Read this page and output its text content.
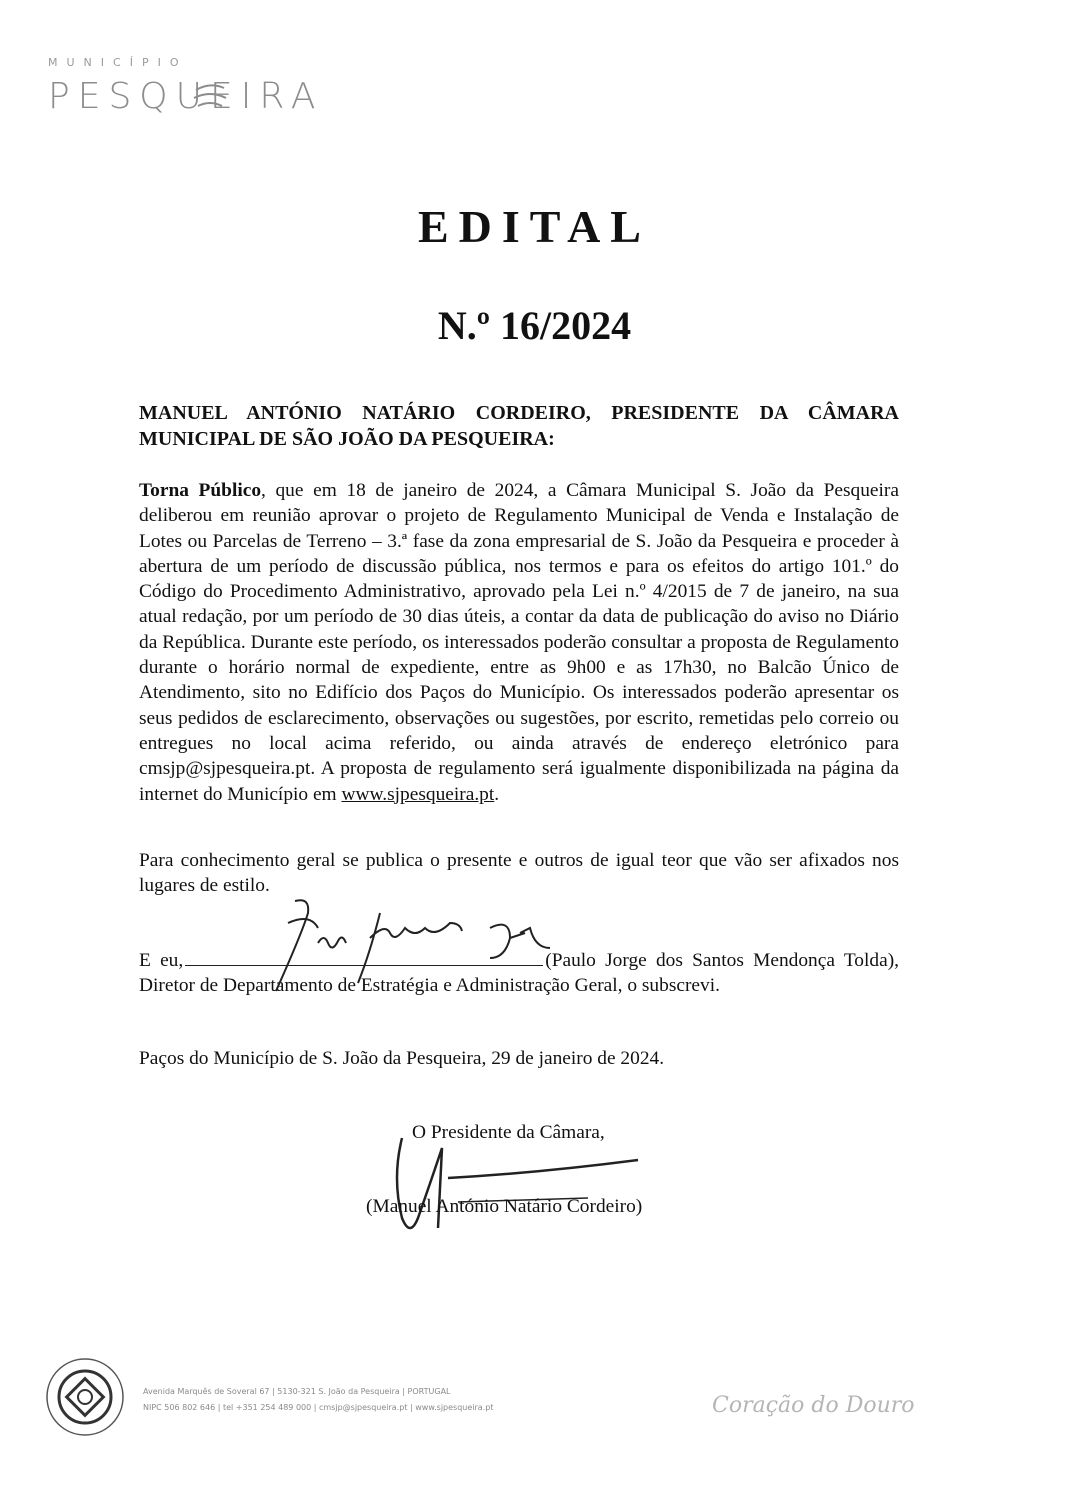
MUNICÍPIO
PESQUEIRA
EDITAL
N.º 16/2024
MANUEL ANTÓNIO NATÁRIO CORDEIRO, PRESIDENTE DA CÂMARA MUNICIPAL DE SÃO JOÃO DA PESQUEIRA:
Torna Público, que em 18 de janeiro de 2024, a Câmara Municipal S. João da Pesqueira deliberou em reunião aprovar o projeto de Regulamento Municipal de Venda e Instalação de Lotes ou Parcelas de Terreno – 3.ª fase da zona empresarial de S. João da Pesqueira e proceder à abertura de um período de discussão pública, nos termos e para os efeitos do artigo 101.º do Código do Procedimento Administrativo, aprovado pela Lei n.º 4/2015 de 7 de janeiro, na sua atual redação, por um período de 30 dias úteis, a contar da data de publicação do aviso no Diário da República. Durante este período, os interessados poderão consultar a proposta de Regulamento durante o horário normal de expediente, entre as 9h00 e as 17h30, no Balcão Único de Atendimento, sito no Edifício dos Paços do Município. Os interessados poderão apresentar os seus pedidos de esclarecimento, observações ou sugestões, por escrito, remetidas pelo correio ou entregues no local acima referido, ou ainda através de endereço eletrónico para cmsjp@sjpesqueira.pt. A proposta de regulamento será igualmente disponibilizada na página da internet do Município em www.sjpesqueira.pt.
Para conhecimento geral se publica o presente e outros de igual teor que vão ser afixados nos lugares de estilo.
E eu,	(Paulo Jorge dos Santos Mendonça Tolda), Diretor de Departamento de Estratégia e Administração Geral, o subscrevi.
Paços do Município de S. João da Pesqueira, 29 de janeiro de 2024.
O Presidente da Câmara,
(Manuel António Natário Cordeiro)
Avenida Marquês de Soveral 67 | 5130-321 S. João da Pesqueira | PORTUGAL
NIPC 506 802 646 | tel +351 254 489 000 | cmsjp@sjpesqueira.pt | www.sjpesqueira.pt	Coração do Douro
